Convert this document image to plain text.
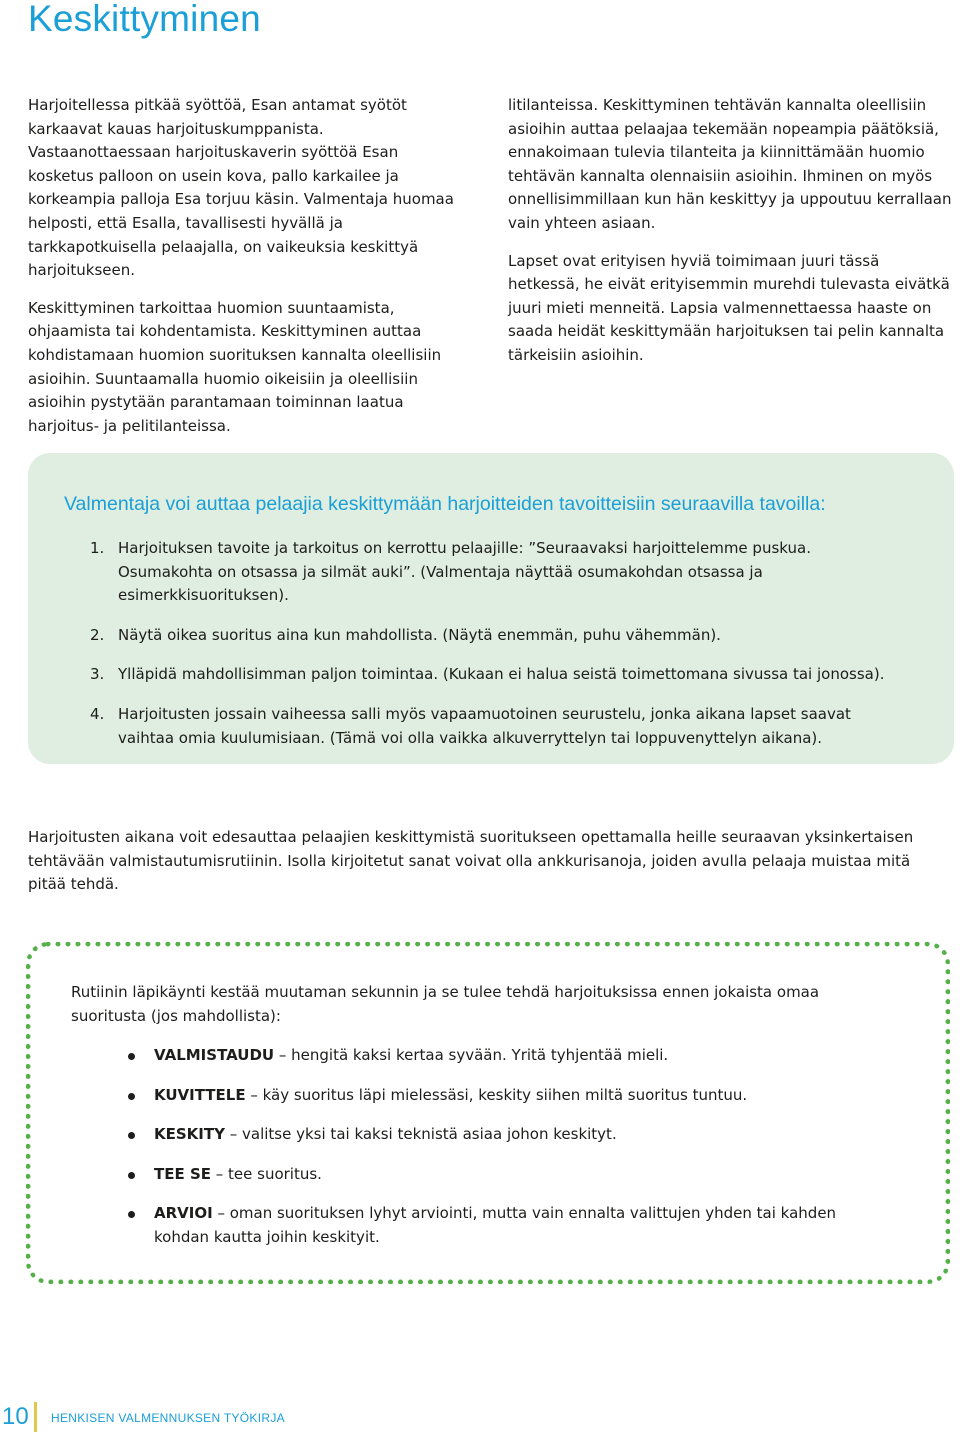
Keskittyminen

Harjoitellessa pitkää syöttöä, Esan antamat syötöt karkaavat kauas harjoituskumppanista. Vastaanottaessaan harjoituskaverin syöttöä Esan kosketus palloon on usein kova, pallo karkailee ja korkeampia palloja Esa torjuu käsin. Valmentaja huomaa helposti, että Esalla, tavallisesti hyvällä ja tarkkapotkuisella pelaajalla, on vaikeuksia keskittyä harjoitukseen.

Keskittyminen tarkoittaa huomion suuntaamista, ohjaamista tai kohdentamista. Keskittyminen auttaa kohdistamaan huomion suorituksen kannalta oleellisiin asioihin. Suuntaamalla huomio oikeisiin ja oleellisiin asioihin pystytään parantamaan toiminnan laatua harjoitus- ja pelitilanteissa.

litilanteissa. Keskittyminen tehtävän kannalta oleellisiin asioihin auttaa pelaajaa tekemään nopeampia päätöksiä, ennakoimaan tulevia tilanteita ja kiinnittämään huomio tehtävän kannalta olennaisiin asioihin. Ihminen on myös onnellisimmillaan kun hän keskittyy ja uppoutuu kerrallaan vain yhteen asiaan.

Lapset ovat erityisen hyviä toimimaan juuri tässä hetkessä, he eivät erityisemmin murehdi tulevasta eivätkä juuri mieti menneitä. Lapsia valmennettaessa haaste on saada heidät keskittymään harjoituksen tai pelin kannalta tärkeisiin asioihin.

Valmentaja voi auttaa pelaajia keskittymään harjoitteiden tavoitteisiin seuraavilla tavoilla:
1. Harjoituksen tavoite ja tarkoitus on kerrottu pelaajille: ”Seuraavaksi harjoittelemme puskua. Osumakohta on otsassa ja silmät auki”. (Valmentaja näyttää osumakohdan otsassa ja esimerkkisuorituksen).
2. Näytä oikea suoritus aina kun mahdollista. (Näytä enemmän, puhu vähemmän).
3. Ylläpidä mahdollisimman paljon toimintaa. (Kukaan ei halua seistä toimettomana sivussa tai jonossa).
4. Harjoitusten jossain vaiheessa salli myös vapaamuotoinen seurustelu, jonka aikana lapset saavat vaihtaa omia kuulumisiaan. (Tämä voi olla vaikka alkuverryttelyn tai loppuvenyttelyn aikana).

Harjoitusten aikana voit edesauttaa pelaajien keskittymistä suoritukseen opettamalla heille seuraavan yksinkertaisen tehtävään valmistautumisrutiinin. Isolla kirjoitetut sanat voivat olla ankkurisanoja, joiden avulla pelaaja muistaa mitä pitää tehdä.

Rutiinin läpikäynti kestää muutaman sekunnin ja se tulee tehdä harjoituksissa ennen jokaista omaa suoritusta (jos mahdollista):

VALMISTAUDU – hengitä kaksi kertaa syvään. Yritä tyhjentää mieli.
KUVITTELE – käy suoritus läpi mielessäsi, keskity siihen miltä suoritus tuntuu.
KESKITY – valitse yksi tai kaksi teknistä asiaa johon keskityt.
TEE SE – tee suoritus.
ARVIOI – oman suorituksen lyhyt arviointi, mutta vain ennalta valittujen yhden tai kahden kohdan kautta joihin keskityit.
10 HENKISEN VALMENNUKSEN TYÖKIRJA
